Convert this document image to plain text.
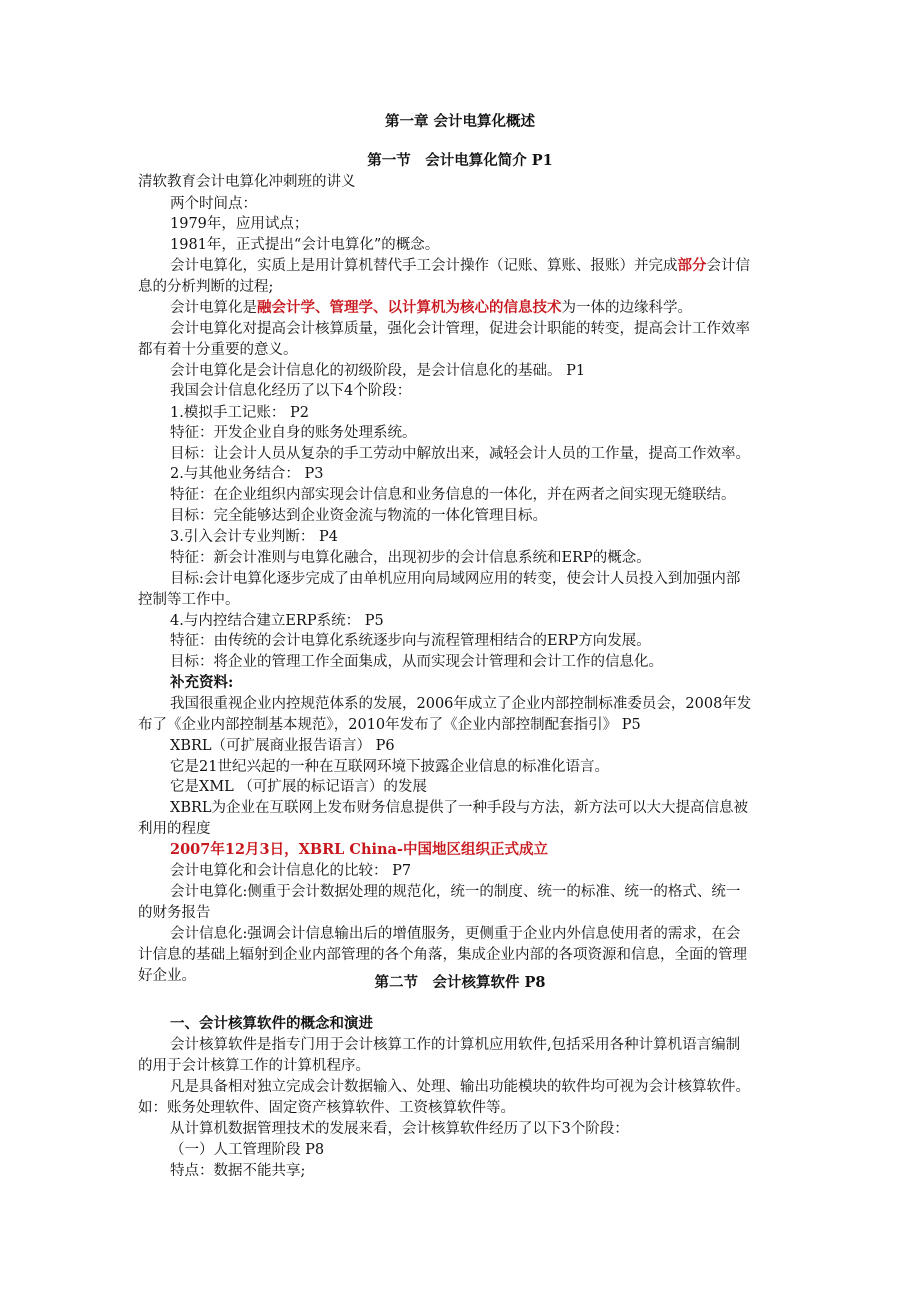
第一章 会计电算化概述
第一节　会计电算化简介 P1
清软教育会计电算化冲刺班的讲义
两个时间点：
1979年，应用试点；
1981年，正式提出“会计电算化”的概念。
会计电算化，实质上是用计算机替代手工会计操作（记账、算账、报账）并完成部分会计信
息的分析判断的过程;
会计电算化是融会计学、管理学、以计算机为核心的信息技术为一体的边缘科学。
会计电算化对提高会计核算质量，强化会计管理，促进会计职能的转变，提高会计工作效率
都有着十分重要的意义。
会计电算化是会计信息化的初级阶段，是会计信息化的基础。 P1
我国会计信息化经历了以下4个阶段：
1.模拟手工记账： P2
特征：开发企业自身的账务处理系统。
目标：让会计人员从复杂的手工劳动中解放出来，减轻会计人员的工作量，提高工作效率。
2.与其他业务结合： P3
特征：在企业组织内部实现会计信息和业务信息的一体化，并在两者之间实现无缝联结。
目标：完全能够达到企业资金流与物流的一体化管理目标。
3.引入会计专业判断： P4
特征：新会计准则与电算化融合，出现初步的会计信息系统和ERP的概念。
目标:会计电算化逐步完成了由单机应用向局域网应用的转变，使会计人员投入到加强内部
控制等工作中。
4.与内控结合建立ERP系统： P5
特征：由传统的会计电算化系统逐步向与流程管理相结合的ERP方向发展。
目标：将企业的管理工作全面集成，从而实现会计管理和会计工作的信息化。
补充资料:
我国很重视企业内控规范体系的发展，2006年成立了企业内部控制标准委员会，2008年发
布了《企业内部控制基本规范》，2010年发布了《企业内部控制配套指引》 P5
XBRL（可扩展商业报告语言） P6
它是21世纪兴起的一种在互联网环境下披露企业信息的标准化语言。
它是XML （可扩展的标记语言）的发展
XBRL为企业在互联网上发布财务信息提供了一种手段与方法，新方法可以大大提高信息被
利用的程度
2007年12月3日，XBRL China-中国地区组织正式成立
会计电算化和会计信息化的比较： P7
会计电算化:侧重于会计数据处理的规范化，统一的制度、统一的标准、统一的格式、统一
的财务报告
会计信息化:强调会计信息输出后的增值服务，更侧重于企业内外信息使用者的需求，在会
计信息的基础上辐射到企业内部管理的各个角落，集成企业内部的各项资源和信息，全面的管理
好企业。	第二节　会计核算软件 P8
一、会计核算软件的概念和演进
会计核算软件是指专门用于会计核算工作的计算机应用软件,包括采用各种计算机语言编制
的用于会计核算工作的计算机程序。
凡是具备相对独立完成会计数据输入、处理、输出功能模块的软件均可视为会计核算软件。
如：账务处理软件、固定资产核算软件、工资核算软件等。
从计算机数据管理技术的发展来看，会计核算软件经历了以下3个阶段：
（一）人工管理阶段 P8
特点：数据不能共享;
